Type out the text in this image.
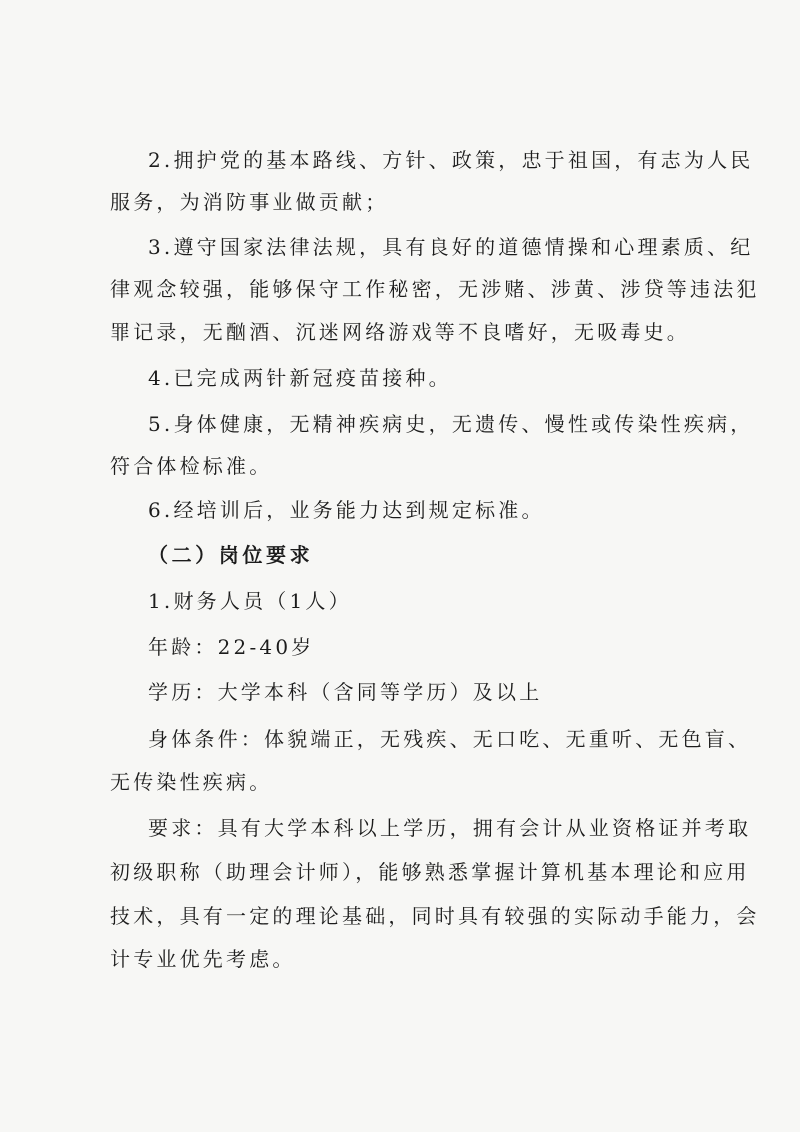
2.拥护党的基本路线、方针、政策，忠于祖国，有志为人民
服务，为消防事业做贡献；
3.遵守国家法律法规，具有良好的道德情操和心理素质、纪
律观念较强，能够保守工作秘密，无涉赌、涉黄、涉贷等违法犯
罪记录，无酗酒、沉迷网络游戏等不良嗜好，无吸毒史。
4.已完成两针新冠疫苗接种。
5.身体健康，无精神疾病史，无遗传、慢性或传染性疾病，
符合体检标准。
6.经培训后，业务能力达到规定标准。
（二）岗位要求
1.财务人员（1人）
年龄：22-40岁
学历：大学本科（含同等学历）及以上
身体条件：体貌端正，无残疾、无口吃、无重听、无色盲、
无传染性疾病。
要求：具有大学本科以上学历，拥有会计从业资格证并考取
初级职称（助理会计师），能够熟悉掌握计算机基本理论和应用
技术，具有一定的理论基础，同时具有较强的实际动手能力，会
计专业优先考虑。
